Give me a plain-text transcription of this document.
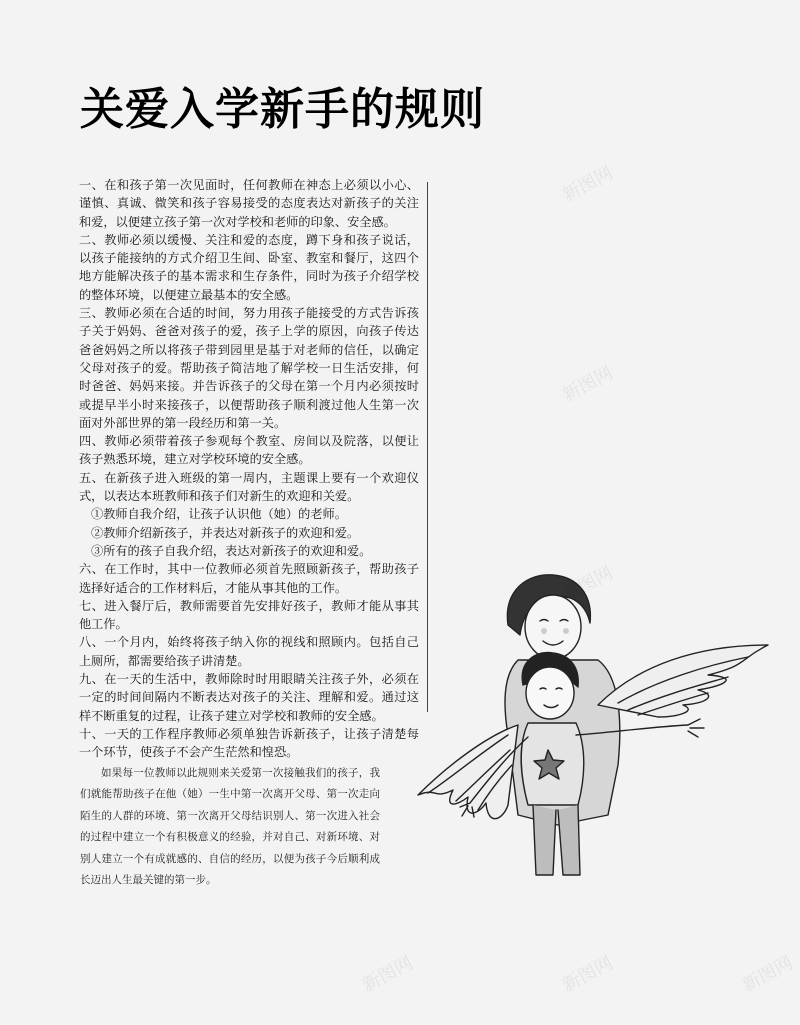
关爱入学新手的规则

一、在和孩子第一次见面时，任何教师在神态上必须以小心、谨慎、真诚、微笑和孩子容易接受的态度表达对新孩子的关注和爱，以便建立孩子第一次对学校和老师的印象、安全感。

二、教师必须以缓慢、关注和爱的态度，蹲下身和孩子说话，以孩子能接纳的方式介绍卫生间、卧室、教室和餐厅，这四个地方能解决孩子的基本需求和生存条件，同时为孩子介绍学校的整体环境，以便建立最基本的安全感。

三、教师必须在合适的时间，努力用孩子能接受的方式告诉孩子关于妈妈、爸爸对孩子的爱，孩子上学的原因，向孩子传达爸爸妈妈之所以将孩子带到园里是基于对老师的信任，以确定父母对孩子的爱。帮助孩子简洁地了解学校一日生活安排，何时爸爸、妈妈来接。并告诉孩子的父母在第一个月内必须按时或提早半小时来接孩子，以便帮助孩子顺利渡过他人生第一次面对外部世界的第一段经历和第一关。

四、教师必须带着孩子参观每个教室、房间以及院落，以便让孩子熟悉环境，建立对学校环境的安全感。

五、在新孩子进入班级的第一周内，主题课上要有一个欢迎仪式，以表达本班教师和孩子们对新生的欢迎和关爱。

①教师自我介绍，让孩子认识他（她）的老师。

②教师介绍新孩子，并表达对新孩子的欢迎和爱。

③所有的孩子自我介绍，表达对新孩子的欢迎和爱。

六、在工作时，其中一位教师必须首先照顾新孩子，帮助孩子选择好适合的工作材料后，才能从事其他的工作。

七、进入餐厅后，教师需要首先安排好孩子，教师才能从事其他工作。

八、一个月内，始终将孩子纳入你的视线和照顾内。包括自己上厕所，都需要给孩子讲清楚。

九、在一天的生活中，教师除时时用眼睛关注孩子外，必须在一定的时间间隔内不断表达对孩子的关注、理解和爱。通过这样不断重复的过程，让孩子建立对学校和教师的安全感。

十、一天的工作程序教师必须单独告诉新孩子，让孩子清楚每一个环节，使孩子不会产生茫然和惶恐。

如果每一位教师以此规则来关爱第一次接触我们的孩子，我们就能帮助孩子在他（她）一生中第一次离开父母、第一次走向陌生的人群的环境、第一次离开父母结识别人、第一次进入社会的过程中建立一个有积极意义的经验，并对自己、对新环境、对别人建立一个有成就感的、自信的经历，以便为孩子今后顺利成长迈出人生最关键的第一步。

新图网
新图网
新图网
新图网	新图网	新图网
